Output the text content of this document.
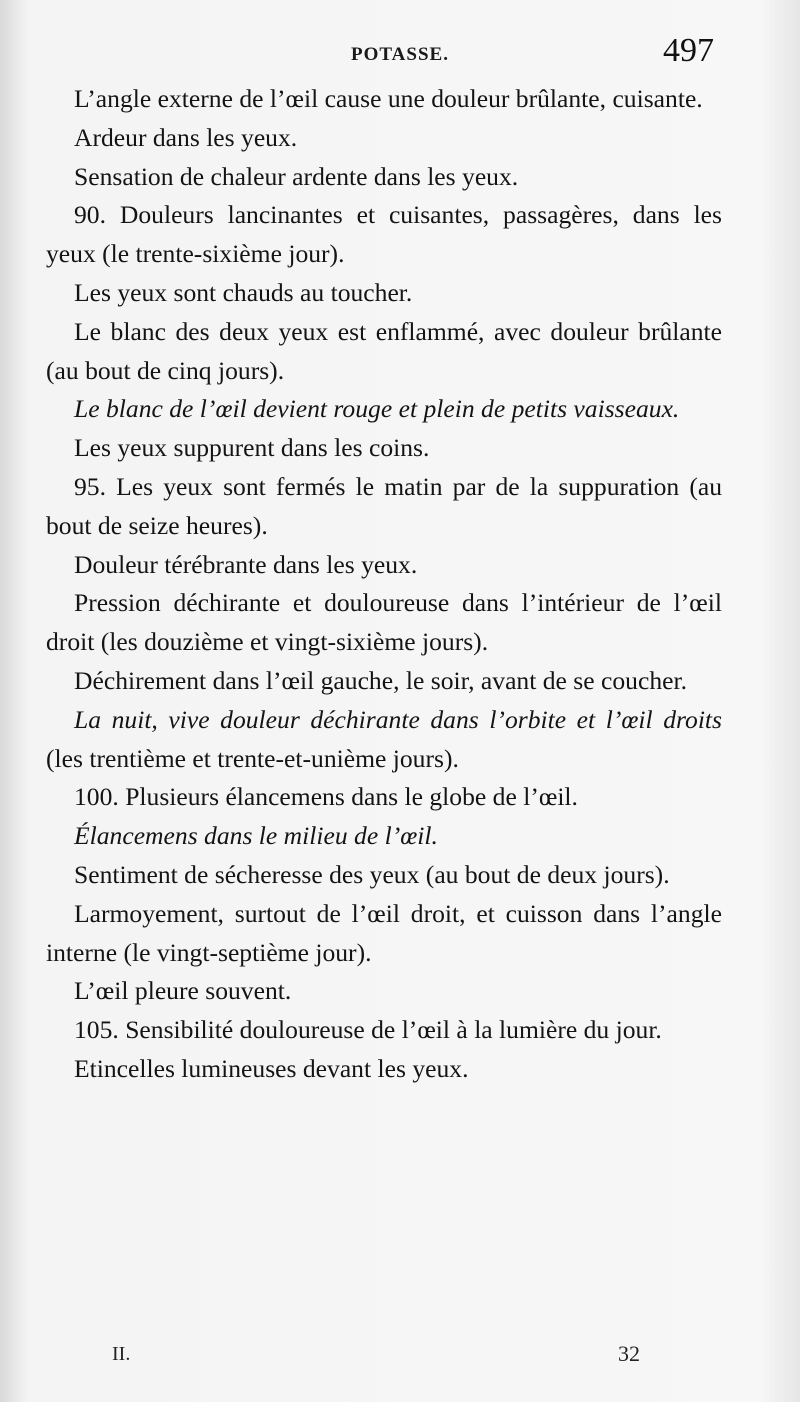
POTASSE.	497

L’angle externe de l’œil cause une douleur brûlante, cuisante.

Ardeur dans les yeux.

Sensation de chaleur ardente dans les yeux.

90. Douleurs lancinantes et cuisantes, passagères, dans les yeux (le trente-sixième jour).

Les yeux sont chauds au toucher.

Le blanc des deux yeux est enflammé, avec douleur brûlante (au bout de cinq jours).

Le blanc de l’œil devient rouge et plein de petits vaisseaux.

Les yeux suppurent dans les coins.

95. Les yeux sont fermés le matin par de la suppuration (au bout de seize heures).

Douleur térébrante dans les yeux.

Pression déchirante et douloureuse dans l’intérieur de l’œil droit (les douzième et vingt-sixième jours).

Déchirement dans l’œil gauche, le soir, avant de se coucher.

La nuit, vive douleur déchirante dans l’orbite et l’œil droits (les trentième et trente-et-unième jours).

100. Plusieurs élancemens dans le globe de l’œil.

Élancemens dans le milieu de l’œil.

Sentiment de sécheresse des yeux (au bout de deux jours).

Larmoyement, surtout de l’œil droit, et cuisson dans l’angle interne (le vingt-septième jour).

L’œil pleure souvent.

105. Sensibilité douloureuse de l’œil à la lumière du jour.

Etincelles lumineuses devant les yeux.

II.	32
